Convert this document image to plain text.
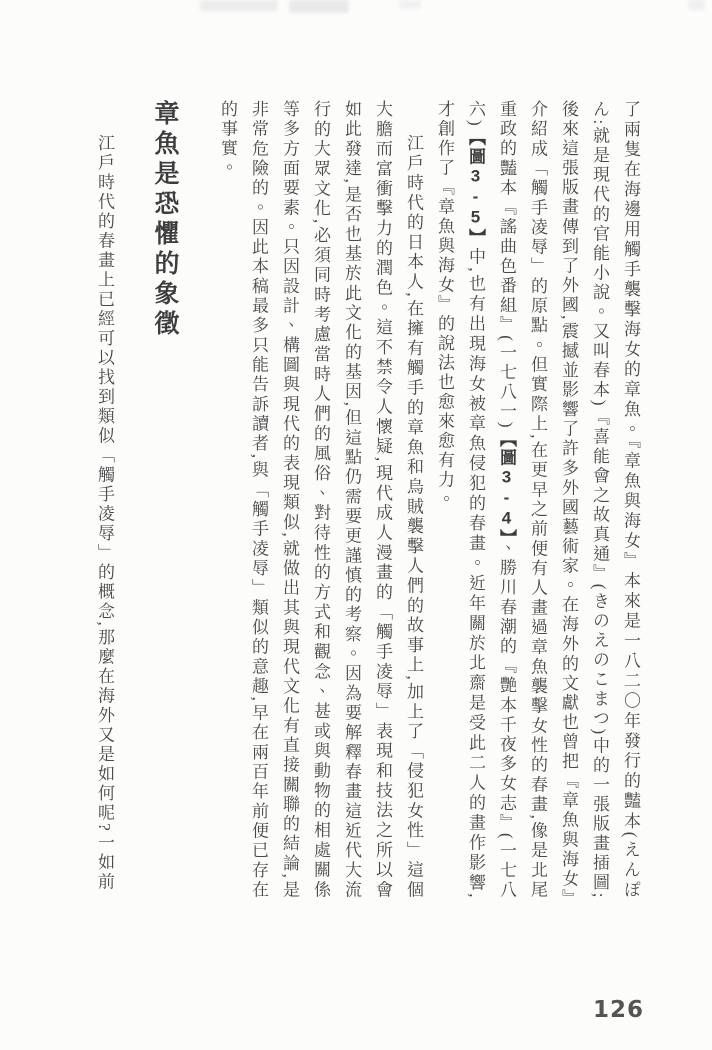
了兩隻在海邊用觸手襲擊海女的章魚。『章魚與海女』本來是一八二〇年發行的豔本(えんぽん:就是現代的官能小說。又叫春本)『喜能會之故真通』(きのえのこまつ)中的一張版畫插圖;後來這張版畫傳到了外國,震撼並影響了許多外國藝術家。在海外的文獻也曾把『章魚與海女』介紹成「觸手凌辱」的原點。但實際上,在更早之前便有人畫過章魚襲擊女性的春畫,像是北尾重政的豔本『謠曲色番組』(一七八一)【圖3-4】、勝川春潮的『艷本千夜多女志』(一七八六)【圖3-5】中,也有出現海女被章魚侵犯的春畫。近年關於北齋是受此二人的畫作影響,才創作了『章魚與海女』的說法也愈來愈有力。

江戶時代的日本人,在擁有觸手的章魚和烏賊襲擊人們的故事上,加上了「侵犯女性」這個大膽而富衝擊力的潤色。這不禁令人懷疑,現代成人漫畫的「觸手凌辱」表現和技法之所以會如此發達,是否也基於此文化的基因,但這點仍需要更謹慎的考察。因為要解釋春畫這近代大流行的大眾文化,必須同時考慮當時人們的風俗、對待性的方式和觀念、甚或與動物的相處關係等多方面要素。只因設計、構圖與現代的表現類似,就做出其與現代文化有直接關聯的結論,是非常危險的。因此本稿最多只能告訴讀者,與「觸手凌辱」類似的意趣,早在兩百年前便已存在的事實。

章魚是恐懼的象徵

江戶時代的春畫上已經可以找到類似「觸手凌辱」的概念,那麼在海外又是如何呢?一如前

126
